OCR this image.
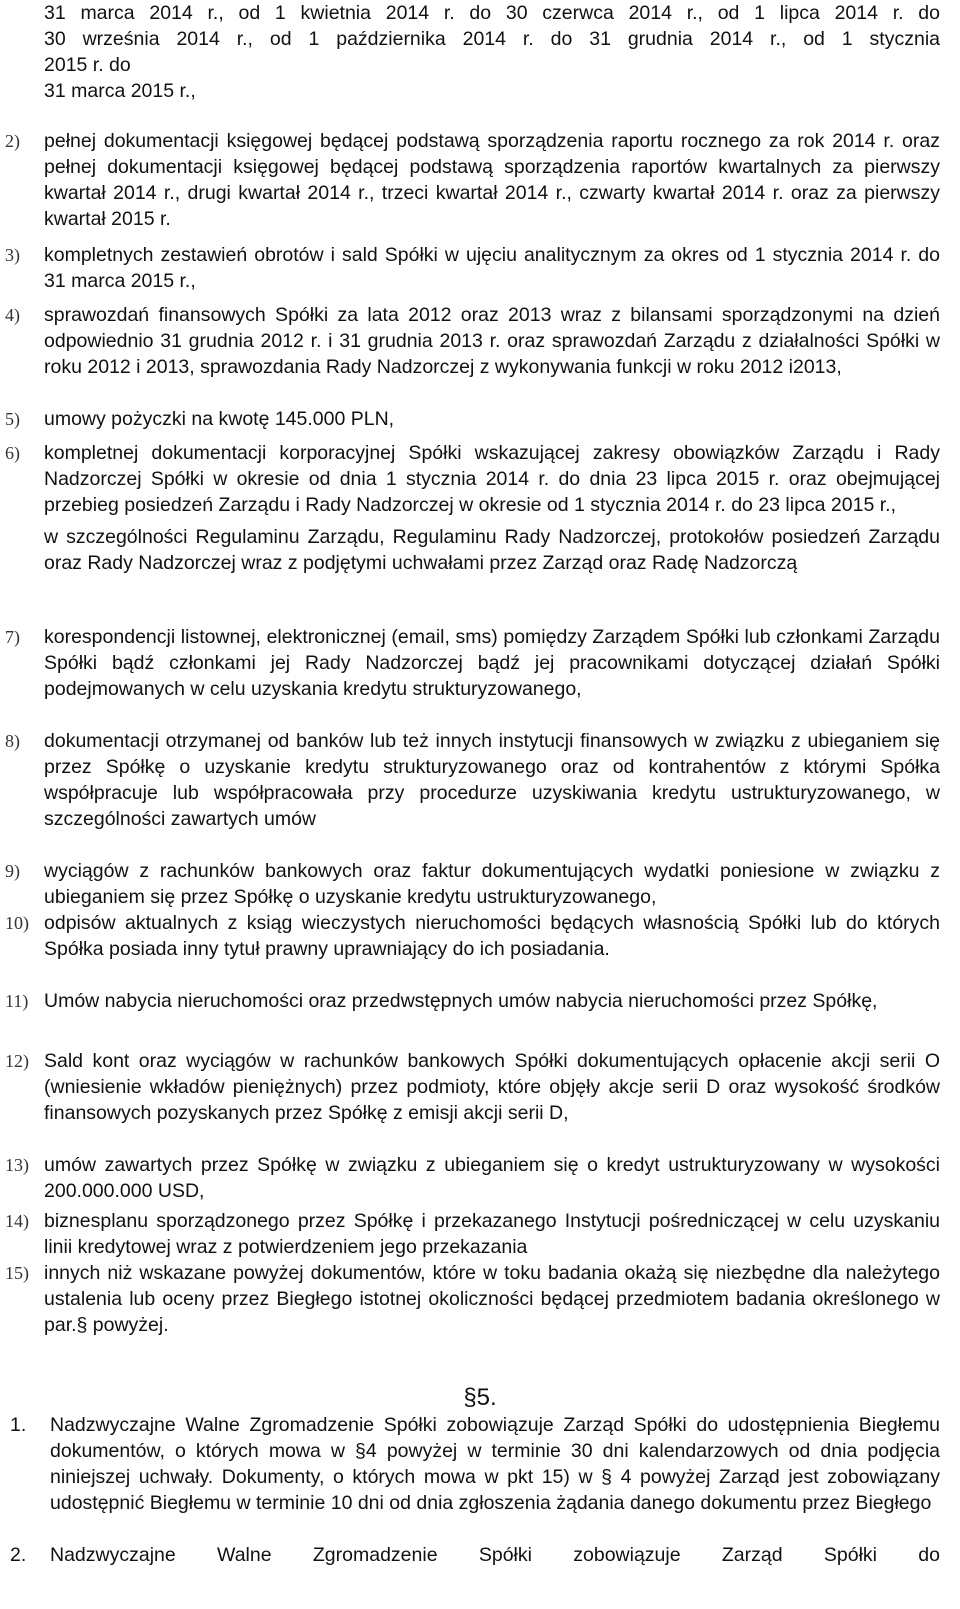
31 marca 2014 r., od 1 kwietnia 2014 r. do 30 czerwca 2014 r., od 1 lipca 2014 r. do

30 września 2014 r., od 1 października 2014 r. do 31 grudnia 2014 r., od 1 stycznia

2015 r. do

31 marca 2015 r.,

2) pełnej dokumentacji księgowej będącej podstawą sporządzenia raportu rocznego za rok 2014 r. oraz pełnej dokumentacji księgowej będącej podstawą sporządzenia raportów kwartalnych za pierwszy kwartał 2014 r., drugi kwartał 2014 r., trzeci kwartał 2014 r., czwarty kwartał 2014 r. oraz za pierwszy kwartał 2015 r.

3) kompletnych zestawień obrotów i sald Spółki w ujęciu analitycznym za okres od 1 stycznia 2014 r. do 31 marca 2015 r.,

4) sprawozdań finansowych Spółki za lata 2012 oraz 2013 wraz z bilansami sporządzonymi na dzień odpowiednio 31 grudnia 2012 r. i 31 grudnia 2013 r. oraz sprawozdań Zarządu z działalności Spółki w roku 2012 i 2013, sprawozdania Rady Nadzorczej z wykonywania funkcji w roku 2012 i2013,

5) umowy pożyczki na kwotę 145.000 PLN,

6) kompletnej dokumentacji korporacyjnej Spółki wskazującej zakresy obowiązków Zarządu i Rady Nadzorczej Spółki w okresie od dnia 1 stycznia 2014 r. do dnia 23 lipca 2015 r. oraz obejmującej przebieg posiedzeń Zarządu i Rady Nadzorczej w okresie od 1 stycznia 2014 r. do 23 lipca 2015 r.,

w szczególności Regulaminu Zarządu, Regulaminu Rady Nadzorczej, protokołów posiedzeń Zarządu oraz Rady Nadzorczej wraz z podjętymi uchwałami przez Zarząd oraz Radę Nadzorczą

7) korespondencji listownej, elektronicznej (email, sms) pomiędzy Zarządem Spółki lub członkami Zarządu Spółki bądź członkami jej Rady Nadzorczej bądź jej pracownikami dotyczącej działań Spółki podejmowanych w celu uzyskania kredytu strukturyzowanego,

8) dokumentacji otrzymanej od banków lub też innych instytucji finansowych w związku z ubieganiem się przez Spółkę o uzyskanie kredytu strukturyzowanego oraz od kontrahentów z którymi Spółka współpracuje lub współpracowała przy procedurze uzyskiwania kredytu ustrukturyzowanego, w szczególności zawartych umów

9) wyciągów z rachunków bankowych oraz faktur dokumentujących wydatki poniesione w związku z ubieganiem się przez Spółkę o uzyskanie kredytu ustrukturyzowanego,

10) odpisów aktualnych z ksiąg wieczystych nieruchomości będących własnością Spółki lub do których Spółka posiada inny tytuł prawny uprawniający do ich posiadania.

11) Umów nabycia nieruchomości oraz przedwstępnych umów nabycia nieruchomości przez Spółkę,

12) Sald kont oraz wyciągów w rachunków bankowych Spółki dokumentujących opłacenie akcji serii O (wniesienie wkładów pieniężnych) przez podmioty, które objęły akcje serii D oraz wysokość środków finansowych pozyskanych przez Spółkę z emisji akcji serii D,

13) umów zawartych przez Spółkę w związku z ubieganiem się o kredyt ustrukturyzowany w wysokości 200.000.000 USD,

14) biznesplanu sporządzonego przez Spółkę i przekazanego Instytucji pośredniczącej w celu uzyskaniu linii kredytowej wraz z potwierdzeniem jego przekazania

15) innych niż wskazane powyżej dokumentów, które w toku badania okażą się niezbędne dla należytego ustalenia lub oceny przez Biegłego istotnej okoliczności będącej przedmiotem badania określonego w par.§ powyżej.

§5.
1. Nadzwyczajne Walne Zgromadzenie Spółki zobowiązuje Zarząd Spółki do udostępnienia Biegłemu dokumentów, o których mowa w §4 powyżej w terminie 30 dni kalendarzowych od dnia podjęcia niniejszej uchwały. Dokumenty, o których mowa w pkt 15) w § 4 powyżej Zarząd jest zobowiązany udostępnić Biegłemu w terminie 10 dni od dnia zgłoszenia żądania danego dokumentu przez Biegłego

2. Nadzwyczajne Walne Zgromadzenie Spółki zobowiązuje Zarząd Spółki do
